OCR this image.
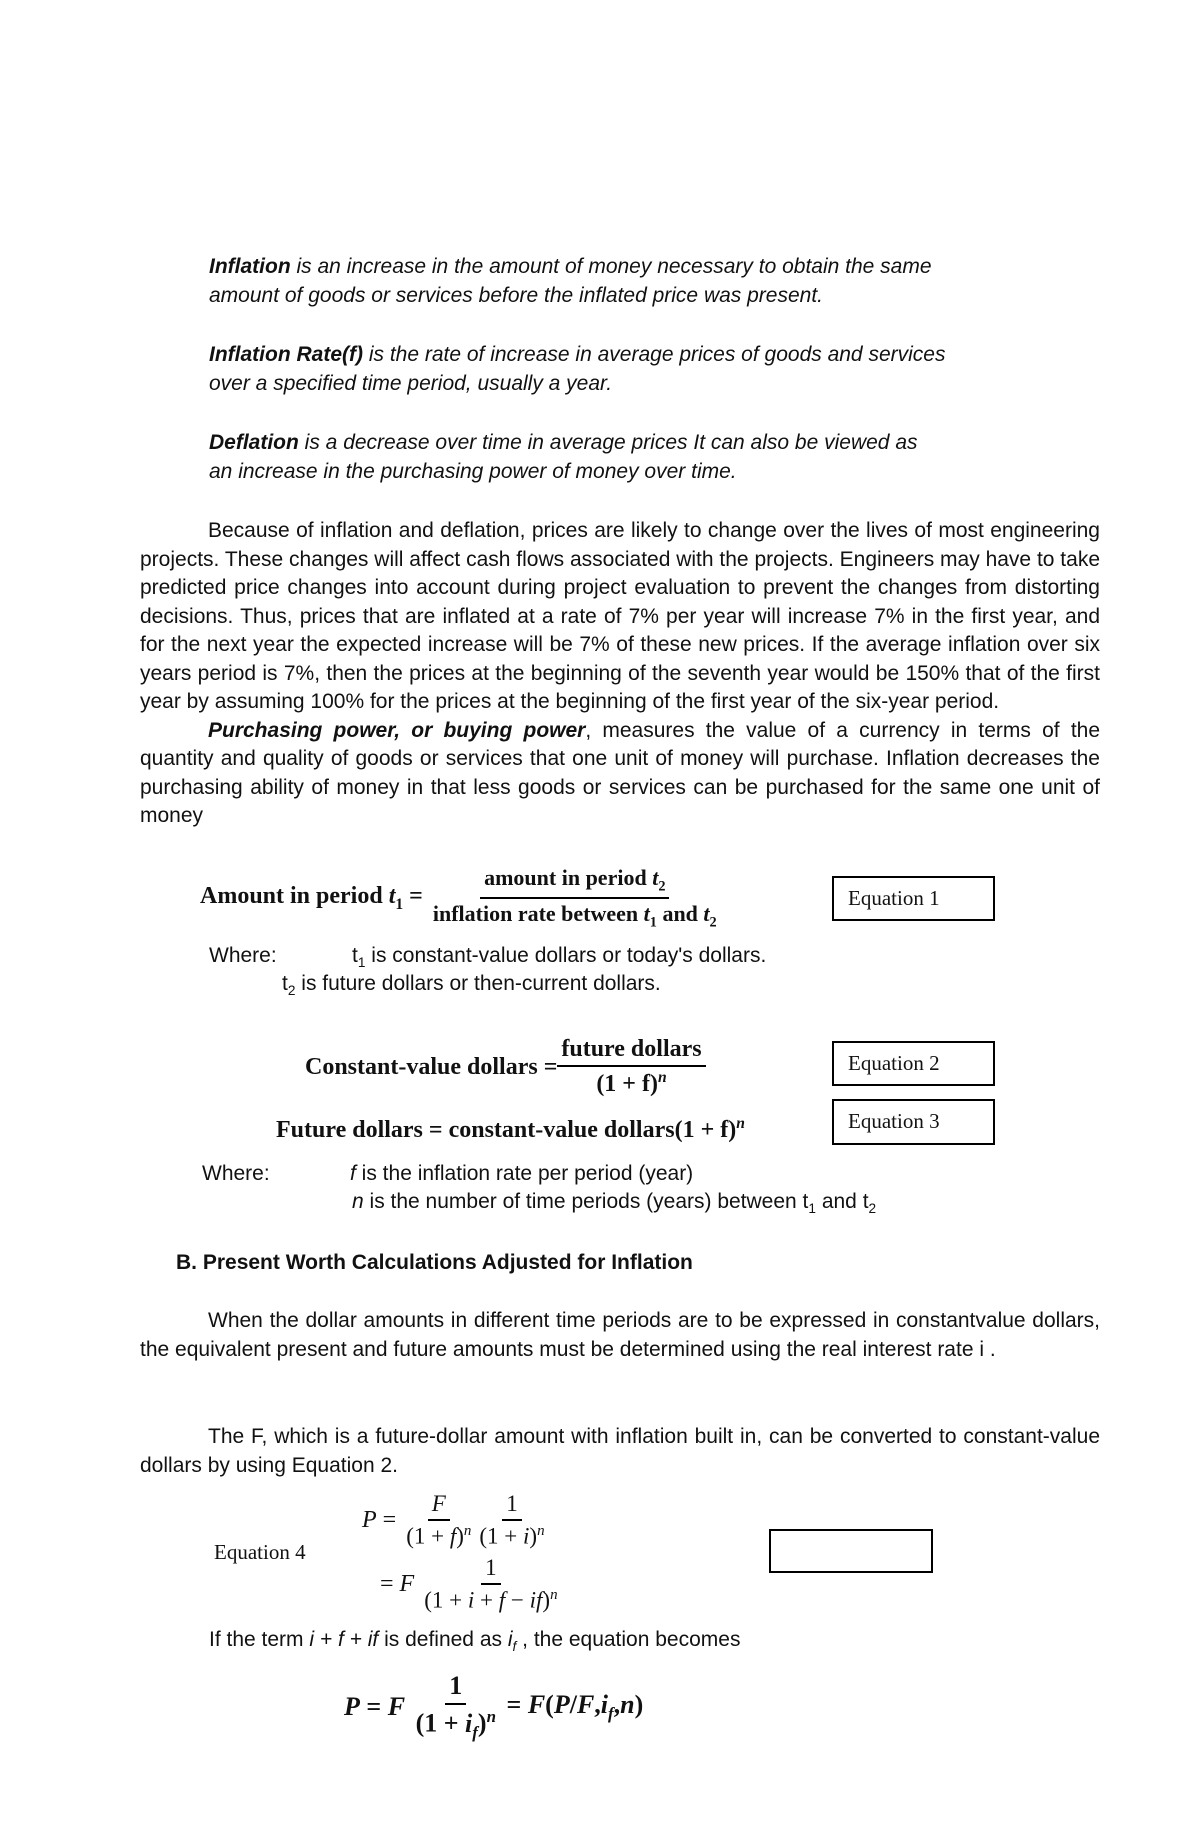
Inflation is an increase in the amount of money necessary to obtain the same
amount of goods or services before the inflated price was present.
Inflation Rate(f) is the rate of increase in average prices of goods and services
over a specified time period, usually a year.
Deflation is a decrease over time in average prices It can also be viewed as
an increase in the purchasing power of money over time.
Because of inflation and deflation, prices are likely to change over the lives of most engineering projects. These changes will affect cash flows associated with the projects. Engineers may have to take predicted price changes into account during project evaluation to prevent the changes from distorting decisions. Thus, prices that are inflated at a rate of 7% per year will increase 7% in the first year, and for the next year the expected increase will be 7% of these new prices. If the average inflation over six years period is 7%, then the prices at the beginning of the seventh year would be 150% that of the first year by assuming 100% for the prices at the beginning of the first year of the six-year period.
Purchasing power, or buying power, measures the value of a currency in terms of the quantity and quality of goods or services that one unit of money will purchase. Inflation decreases the purchasing ability of money in that less goods or services can be purchased for the same one unit of money
Amount in period $t_1 = \frac{amount in period t_2}{inflation rate between t_1 and t_2}$	Equation 1
Where:	$t_1$ is constant-value dollars or today's dollars.
$t_2$ is future dollars or then-current dollars.
Constant-value dollars = $\frac{\text{future dollars}}{(1 + f)^n}$	Equation 2
Future dollars = constant-value dollars(1 + f)$^n$	Equation 3
Where:	f is the inflation rate per period (year)
n is the number of time periods (years) between $t_1$ and $t_2$
B. Present Worth Calculations Adjusted for Inflation
When the dollar amounts in different time periods are to be expressed in constantvalue dollars, the equivalent present and future amounts must be determined using the real interest rate i .
The F, which is a future-dollar amount with inflation built in, can be converted to constant-value dollars by using Equation 2.
Equation 4
$P = \frac{F}{(1 + f)^n} \frac{1}{(1 + i)^n}$
= F $\frac{1}{(1 + i + f - if)^n}$
If the term i + f + if is defined as $i_f$ , the equation becomes
P = F $\frac{1}{(1 + i_f)^n} = F(P/F,i_f,n)$
